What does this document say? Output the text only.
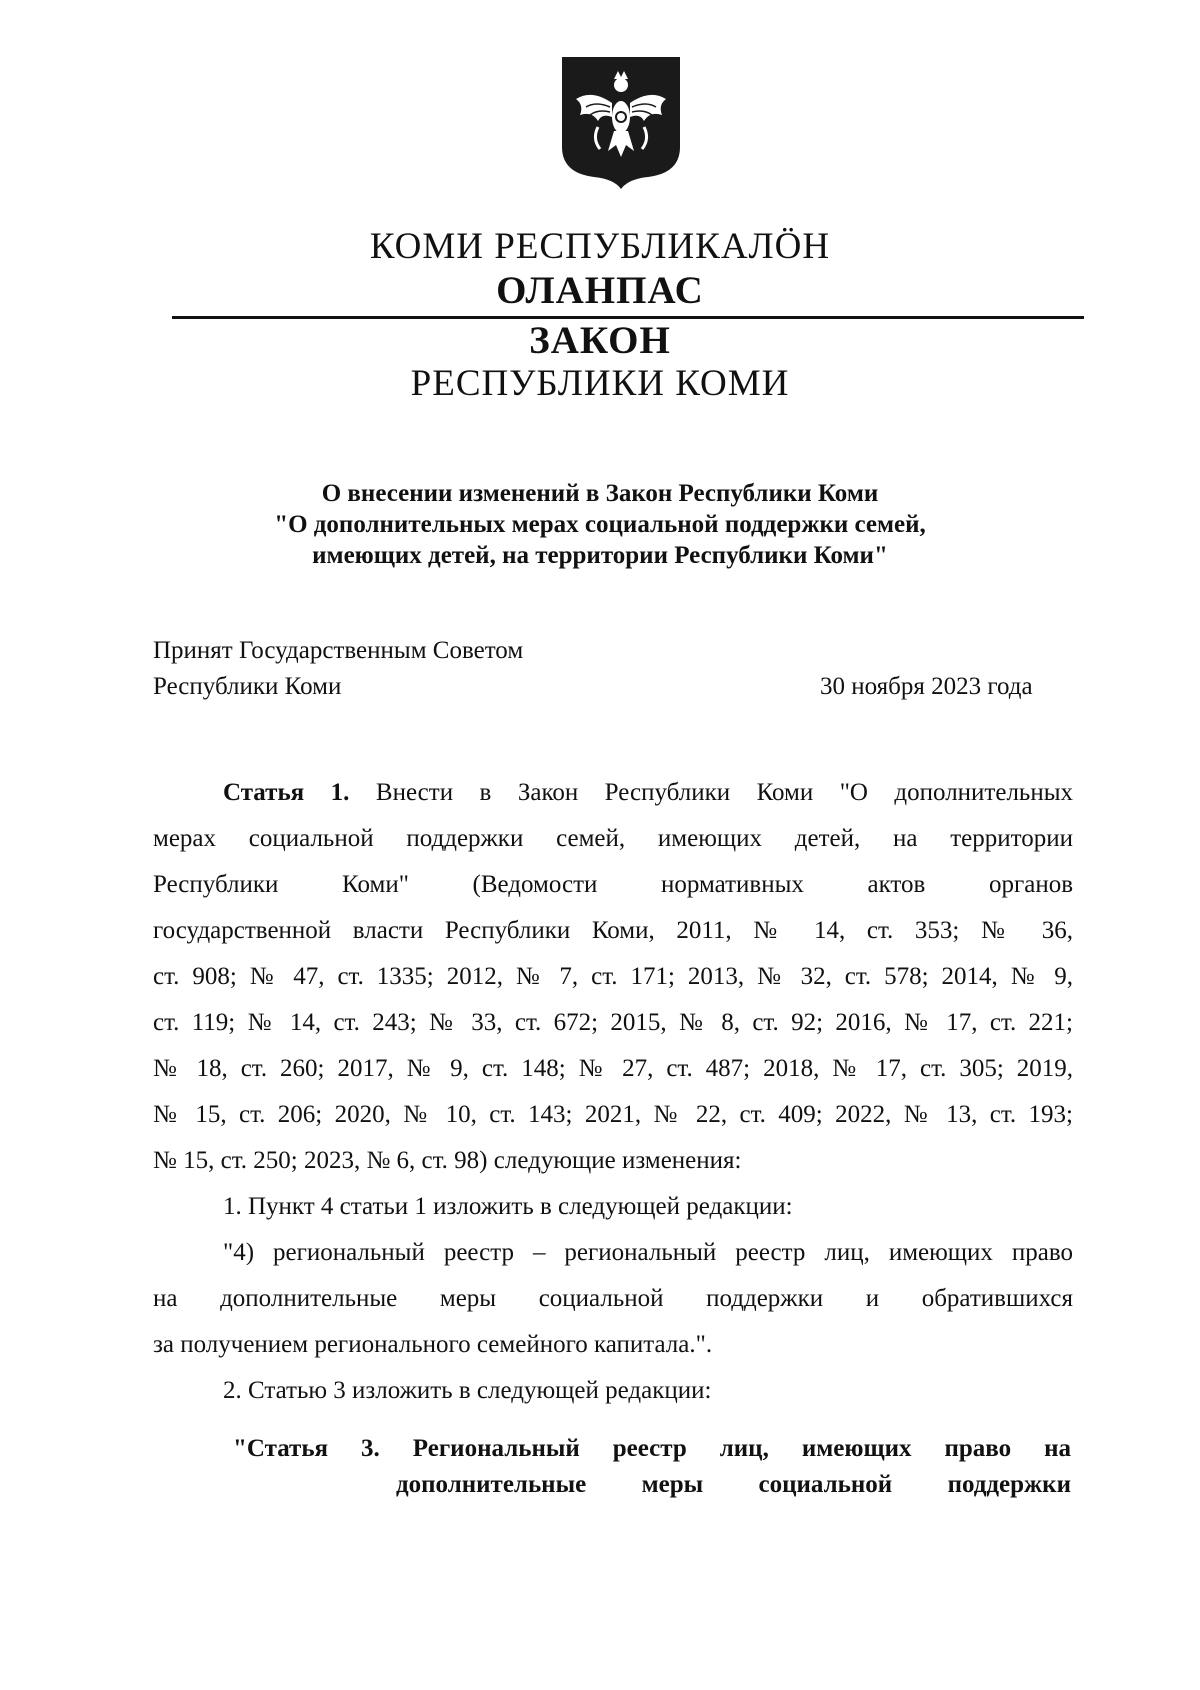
КОМИ РЕСПУБЛИКАЛÖН
ОЛАНПАС
ЗАКОН
РЕСПУБЛИКИ КОМИ
О внесении изменений в Закон Республики Коми
"О дополнительных мерах социальной поддержки семей,
имеющих детей, на территории Республики Коми"
Принят Государственным Советом
Республики Коми	30 ноября 2023 года
Статья 1. Внести в Закон Республики Коми "О дополнительных
мерах социальной поддержки семей, имеющих детей, на территории
Республики Коми" (Ведомости нормативных актов органов
государственной власти Республики Коми, 2011, № 14, ст. 353; № 36,
ст. 908; № 47, ст. 1335; 2012, № 7, ст. 171; 2013, № 32, ст. 578; 2014, № 9,
ст. 119; № 14, ст. 243; № 33, ст. 672; 2015, № 8, ст. 92; 2016, № 17, ст. 221;
№ 18, ст. 260; 2017, № 9, ст. 148; № 27, ст. 487; 2018, № 17, ст. 305; 2019,
№ 15, ст. 206; 2020, № 10, ст. 143; 2021, № 22, ст. 409; 2022, № 13, ст. 193;
№ 15, ст. 250; 2023, № 6, ст. 98) следующие изменения:
1. Пункт 4 статьи 1 изложить в следующей редакции:
"4) региональный реестр – региональный реестр лиц, имеющих право
на дополнительные меры социальной поддержки и обратившихся
за получением регионального семейного капитала.".
2. Статью 3 изложить в следующей редакции:
"Статья 3. Региональный реестр лиц, имеющих право на
дополнительные меры социальной поддержки
